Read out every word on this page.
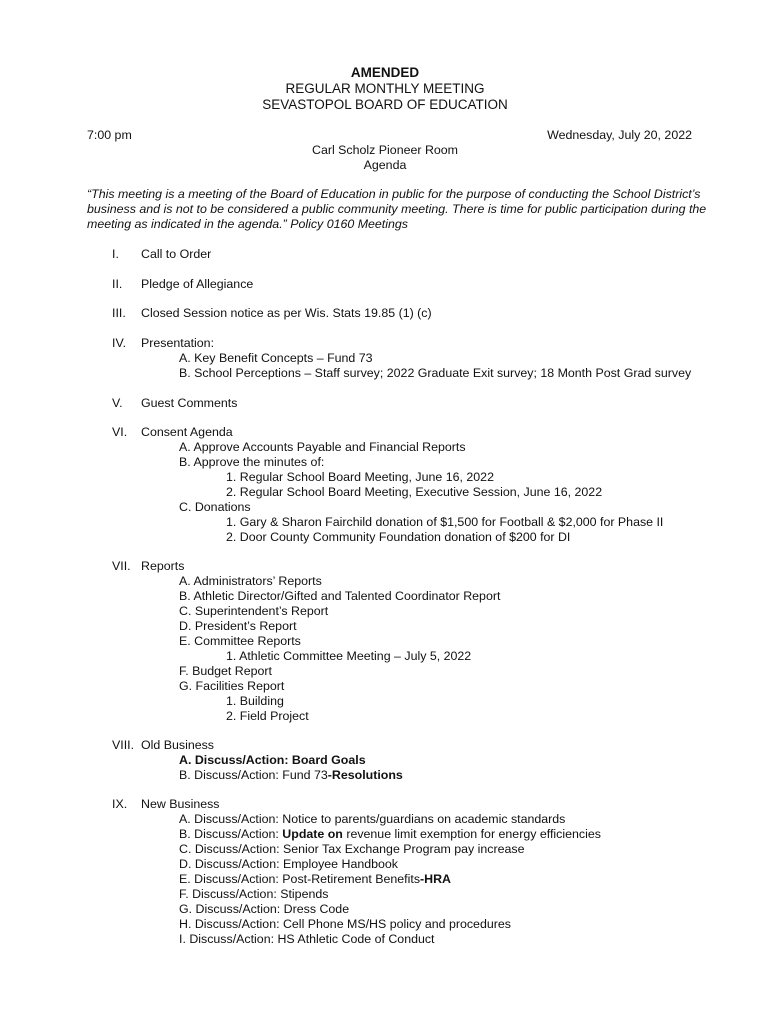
AMENDED
REGULAR MONTHLY MEETING
SEVASTOPOL BOARD OF EDUCATION
7:00 pm	Wednesday, July 20, 2022
Carl Scholz Pioneer Room
Agenda
“This meeting is a meeting of the Board of Education in public for the purpose of conducting the School District’s business and is not to be considered a public community meeting. There is time for public participation during the meeting as indicated in the agenda.” Policy 0160 Meetings
I. Call to Order
II. Pledge of Allegiance
III. Closed Session notice as per Wis. Stats 19.85 (1) (c)
IV. Presentation:
A. Key Benefit Concepts – Fund 73
B. School Perceptions – Staff survey; 2022 Graduate Exit survey; 18 Month Post Grad survey
V. Guest Comments
VI. Consent Agenda
A. Approve Accounts Payable and Financial Reports
B. Approve the minutes of:
1. Regular School Board Meeting, June 16, 2022
2. Regular School Board Meeting, Executive Session, June 16, 2022
C. Donations
1. Gary & Sharon Fairchild donation of $1,500 for Football & $2,000 for Phase II
2. Door County Community Foundation donation of $200 for DI
VII. Reports
A. Administrators’ Reports
B. Athletic Director/Gifted and Talented Coordinator Report
C. Superintendent’s Report
D. President’s Report
E. Committee Reports
1. Athletic Committee Meeting – July 5, 2022
F. Budget Report
G. Facilities Report
1. Building
2. Field Project
VIII. Old Business
A. Discuss/Action: Board Goals
B. Discuss/Action: Fund 73-Resolutions
IX. New Business
A. Discuss/Action: Notice to parents/guardians on academic standards
B. Discuss/Action: Update on revenue limit exemption for energy efficiencies
C. Discuss/Action: Senior Tax Exchange Program pay increase
D. Discuss/Action: Employee Handbook
E. Discuss/Action: Post-Retirement Benefits-HRA
F. Discuss/Action: Stipends
G. Discuss/Action: Dress Code
H. Discuss/Action: Cell Phone MS/HS policy and procedures
I. Discuss/Action: HS Athletic Code of Conduct
